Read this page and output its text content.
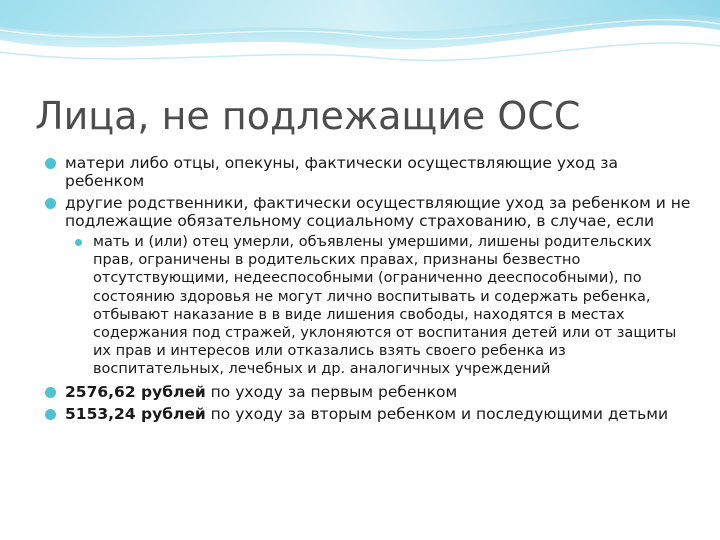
Лица, не подлежащие ОСС
матери либо отцы, опекуны, фактически осуществляющие уход за ребенком
другие родственники, фактически осуществляющие уход за ребенком и не подлежащие обязательному социальному страхованию, в случае, если
мать и (или) отец умерли, объявлены умершими, лишены родительских прав, ограничены в родительских правах, признаны безвестно отсутствующими, недееспособными (ограниченно дееспособными), по состоянию здоровья не могут лично воспитывать и содержать ребенка, отбывают наказание в в виде лишения свободы, находятся в местах содержания под стражей, уклоняются от воспитания детей или от защиты их прав и интересов или отказались взять своего ребенка из воспитательных, лечебных и др. аналогичных учреждений
2576,62 рублей по уходу за первым ребенком
5153,24 рублей по уходу за вторым ребенком и последующими детьми
